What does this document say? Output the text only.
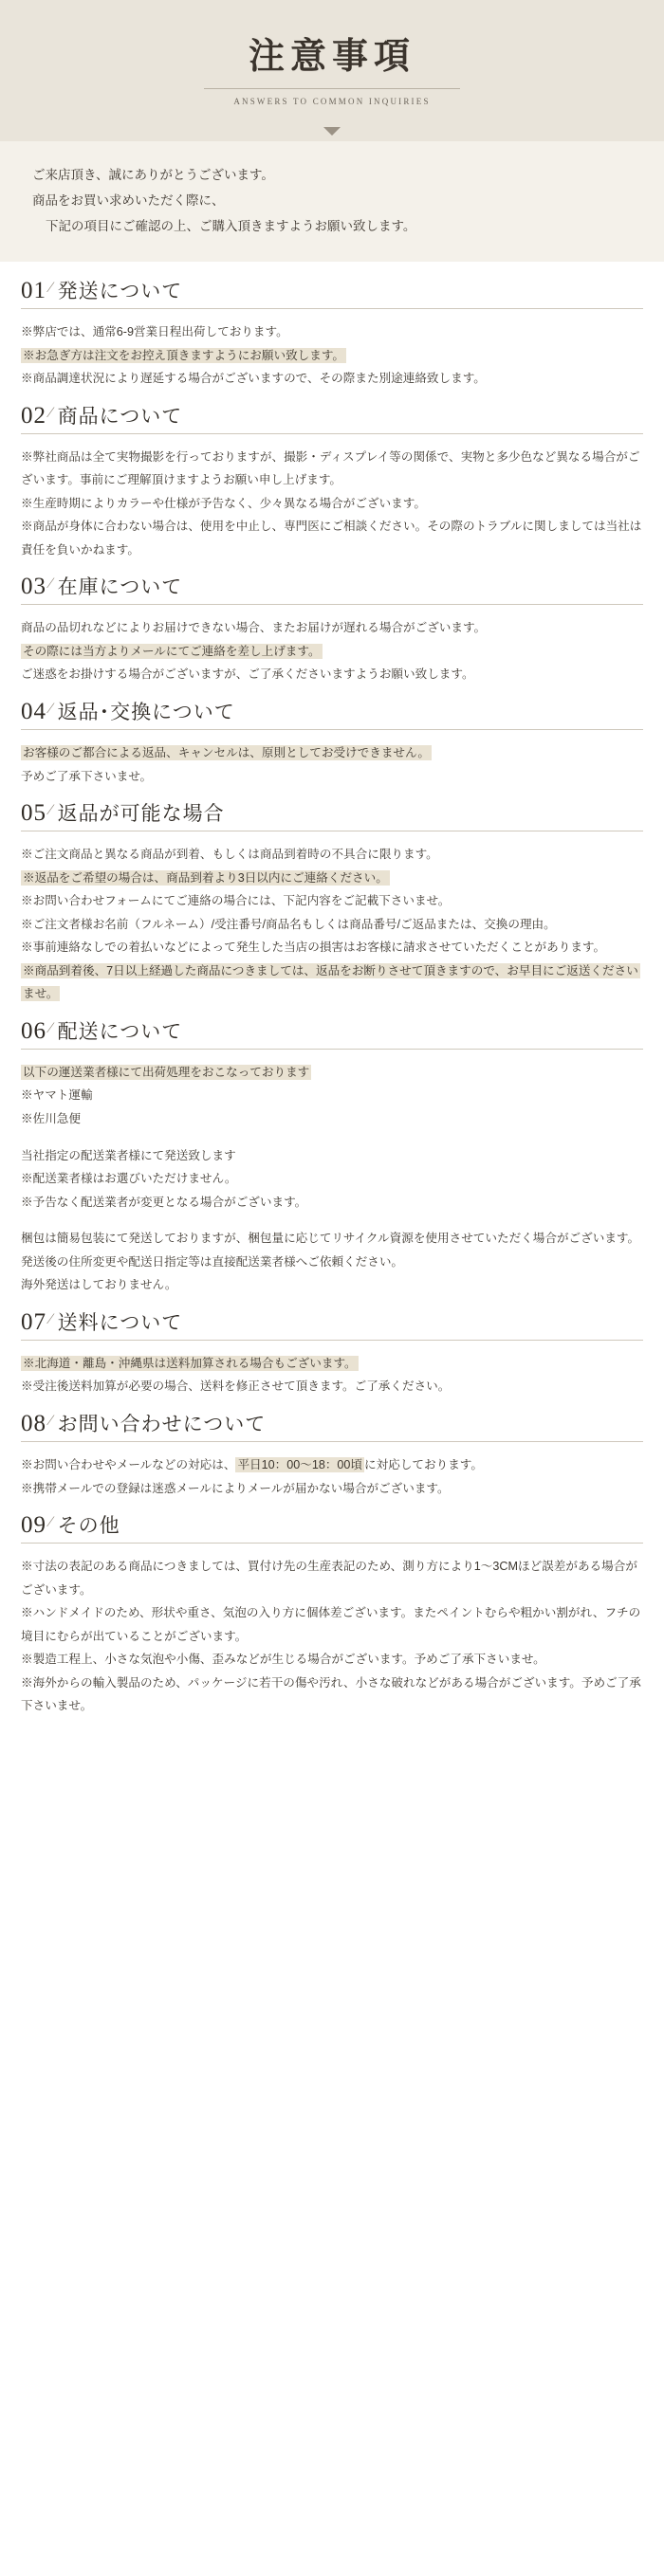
注意事項
ANSWERS TO COMMON INQUIRIES

ご来店頂き、誠にありがとうございます。

商品をお買い求めいただく際に、

下記の項目にご確認の上、ご購入頂きますようお願い致します。

01 ⁄ 発送について

※弊店では、通常6-9営業日程出荷しております。

※お急ぎ方は注文をお控え頂きますようにお願い致します。

※商品調達状況により遅延する場合がございますので、その際また別途連絡致します。

02 ⁄ 商品について

※弊社商品は全て実物撮影を行っておりますが、撮影・ディスプレイ等の関係で、実物と多少色など異なる場合がございます。事前にご理解頂けますようお願い申し上げます。

※生産時期によりカラーや仕様が予告なく、少々異なる場合がございます。

※商品が身体に合わない場合は、使用を中止し、専門医にご相談ください。その際のトラブルに関しましては当社は責任を負いかねます。

03 ⁄ 在庫について

商品の品切れなどによりお届けできない場合、またお届けが遅れる場合がございます。

その際には当方よりメールにてご連絡を差し上げます。

ご迷惑をお掛けする場合がございますが、ご了承くださいますようお願い致します。

04 ⁄ 返品･交換について

お客様のご都合による返品、キャンセルは、原則としてお受けできません。

予めご了承下さいませ。

05 ⁄ 返品が可能な場合

※ご注文商品と異なる商品が到着、もしくは商品到着時の不具合に限ります。

※返品をご希望の場合は、商品到着より3日以内にご連絡ください。

※お問い合わせフォームにてご連絡の場合には、下記内容をご記載下さいませ。

※ご注文者様お名前（フルネーム）/受注番号/商品名もしくは商品番号/ご返品または、交換の理由。

※事前連絡なしでの着払いなどによって発生した当店の損害はお客様に請求させていただくことがあります。

※商品到着後、7日以上経過した商品につきましては、返品をお断りさせて頂きますので、お早目にご返送くださいませ。

06 ⁄ 配送について

以下の運送業者様にて出荷処理をおこなっております

※ヤマト運輸

※佐川急便

当社指定の配送業者様にて発送致します

※配送業者様はお選びいただけません。

※予告なく配送業者が変更となる場合がございます。

梱包は簡易包装にて発送しておりますが、梱包量に応じてリサイクル資源を使用させていただく場合がございます。

発送後の住所変更や配送日指定等は直接配送業者様へご依頼ください。

海外発送はしておりません。

07 ⁄ 送料について

※北海道・離島・沖縄県は送料加算される場合もございます。

※受注後送料加算が必要の場合、送料を修正させて頂きます。ご了承ください。

08 ⁄ お問い合わせについて

※お問い合わせやメールなどの対応は、 平日10：00～18：00頃 に対応しております。

※携帯メールでの登録は迷惑メールによりメールが届かない場合がございます。

09 ⁄ その他

※寸法の表記のある商品につきましては、買付け先の生産表記のため、測り方により1～3CMほど誤差がある場合がございます。

※ハンドメイドのため、形状や重さ、気泡の入り方に個体差ございます。またペイントむらや粗かい割がれ、フチの境目にむらが出ていることがございます。

※製造工程上、小さな気泡や小傷、歪みなどが生じる場合がございます。予めご了承下さいませ。

※海外からの輸入製品のため、パッケージに若干の傷や汚れ、小さな破れなどがある場合がございます。予めご了承下さいませ。
